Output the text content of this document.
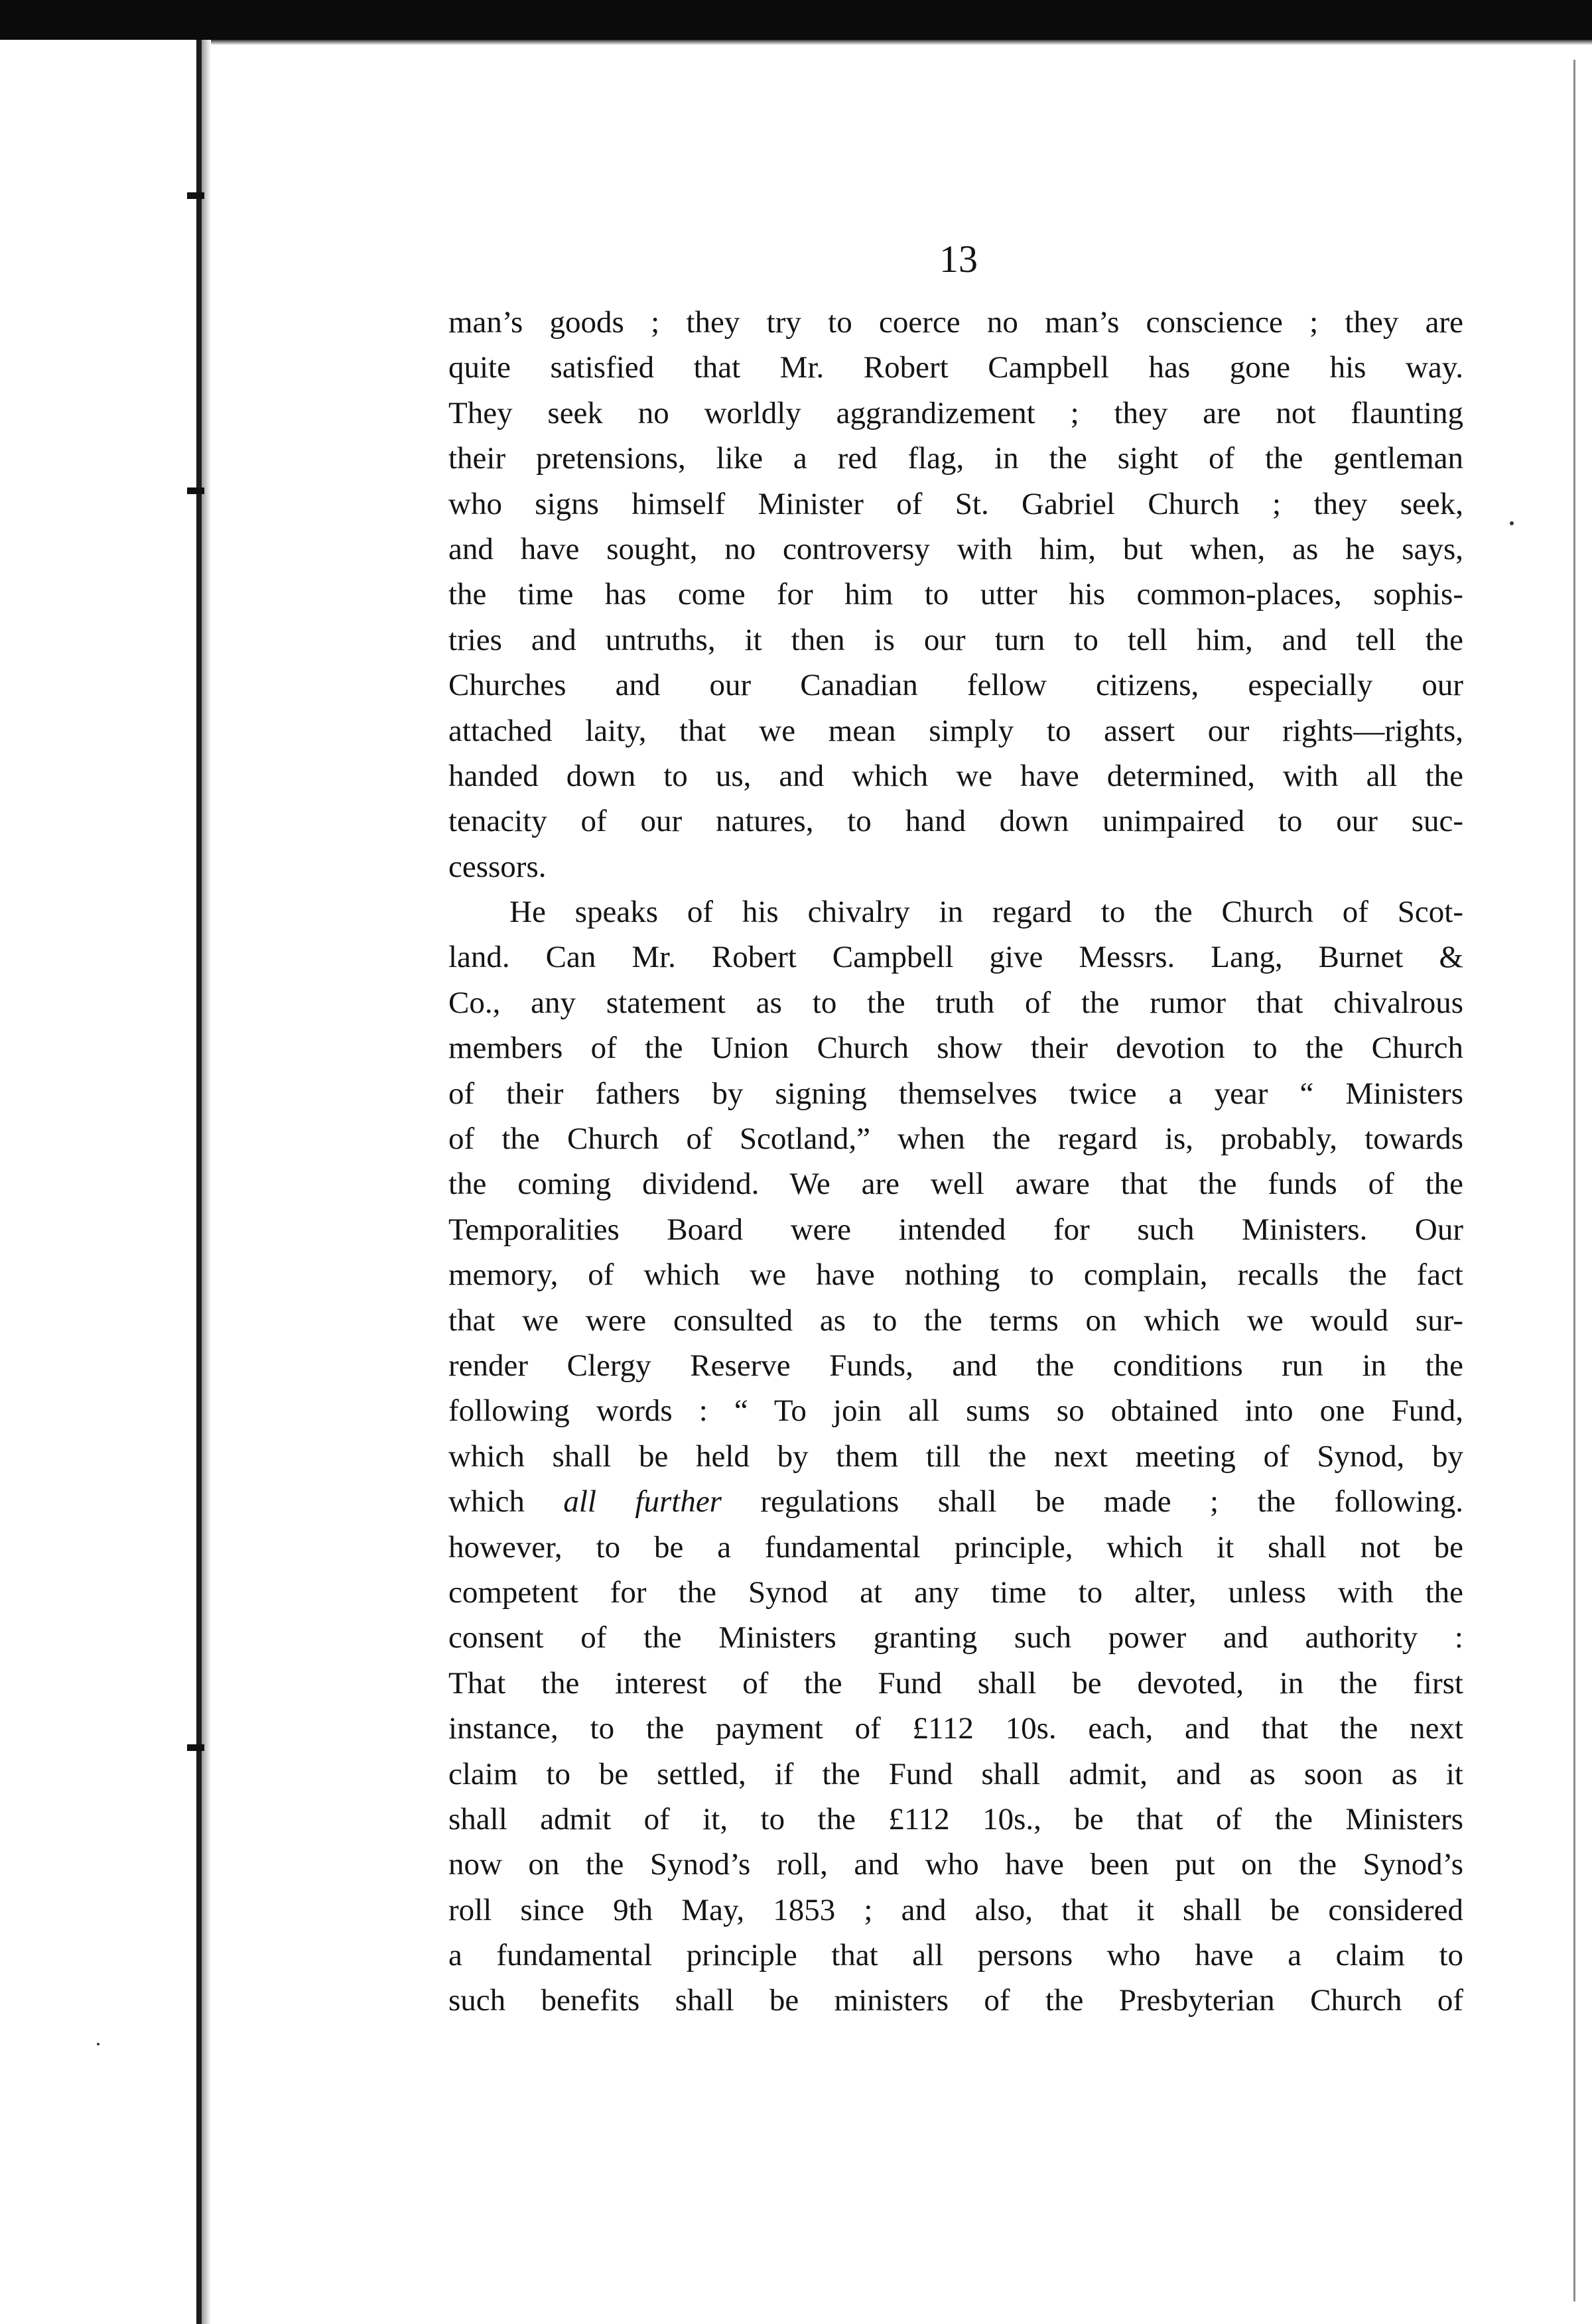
13
man’s goods ; they try to coerce no man’s conscience ; they are
quite satisfied that Mr. Robert Campbell has gone his way.
They seek no worldly aggrandizement ; they are not flaunting
their pretensions, like a red flag, in the sight of the gentleman
who signs himself Minister of St. Gabriel Church ; they seek,
and have sought, no controversy with him, but when, as he says,
the time has come for him to utter his common-places, sophis-
tries and untruths, it then is our turn to tell him, and tell the
Churches and our Canadian fellow citizens, especially our
attached laity, that we mean simply to assert our rights—rights,
handed down to us, and which we have determined, with all the
tenacity of our natures, to hand down unimpaired to our suc-
cessors.
He speaks of his chivalry in regard to the Church of Scot-
land. Can Mr. Robert Campbell give Messrs. Lang, Burnet &
Co., any statement as to the truth of the rumor that chivalrous
members of the Union Church show their devotion to the Church
of their fathers by signing themselves twice a year “ Ministers
of the Church of Scotland,” when the regard is, probably, towards
the coming dividend. We are well aware that the funds of the
Temporalities Board were intended for such Ministers. Our
memory, of which we have nothing to complain, recalls the fact
that we were consulted as to the terms on which we would sur-
render Clergy Reserve Funds, and the conditions run in the
following words : “ To join all sums so obtained into one Fund,
which shall be held by them till the next meeting of Synod, by
which all further regulations shall be made ; the following.
however, to be a fundamental principle, which it shall not be
competent for the Synod at any time to alter, unless with the
consent of the Ministers granting such power and authority :
That the interest of the Fund shall be devoted, in the first
instance, to the payment of £112 10s. each, and that the next
claim to be settled, if the Fund shall admit, and as soon as it
shall admit of it, to the £112 10s., be that of the Ministers
now on the Synod’s roll, and who have been put on the Synod’s
roll since 9th May, 1853 ; and also, that it shall be considered
a fundamental principle that all persons who have a claim to
such benefits shall be ministers of the Presbyterian Church of
